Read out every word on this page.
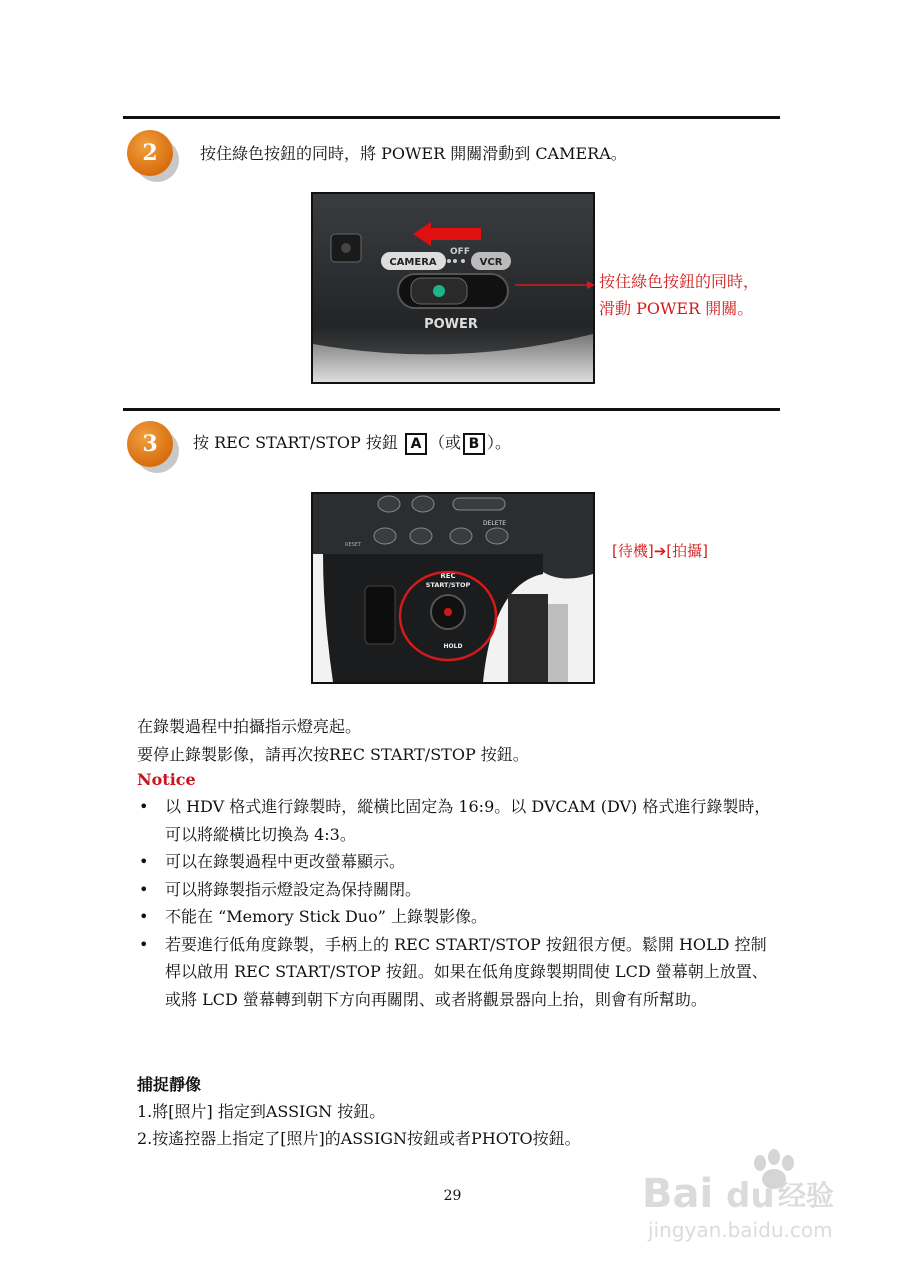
2	按住綠色按鈕的同時，將 POWER 開關滑動到 CAMERA。
CAMERA
OFF
VCR
POWER
按住綠色按鈕的同時，
滑動 POWER 開關。
3	按 REC START/STOP 按鈕 A （或 B ）。
DELETE
RESET
REC
START/STOP
HOLD
[待機]➔[拍攝]
在錄製過程中拍攝指示燈亮起。
要停止錄製影像，請再次按REC START/STOP 按鈕。
Notice
• 以 HDV 格式進行錄製時，縱橫比固定為 16:9。以 DVCAM (DV) 格式進行錄製時，可以將縱橫比切換為 4:3。
• 可以在錄製過程中更改螢幕顯示。
• 可以將錄製指示燈設定為保持關閉。
• 不能在 “Memory Stick Duo” 上錄製影像。
• 若要進行低角度錄製，手柄上的 REC START/STOP 按鈕很方便。鬆開 HOLD 控制桿以啟用 REC START/STOP 按鈕。如果在低角度錄製期間使 LCD 螢幕朝上放置、或將 LCD 螢幕轉到朝下方向再關閉、或者將觀景器向上抬，則會有所幫助。
捕捉靜像
1.將[照片] 指定到ASSIGN 按鈕。
2.按遙控器上指定了[照片]的ASSIGN按鈕或者PHOTO按鈕。
29	Bai du 经验
jingyan.baidu.com
